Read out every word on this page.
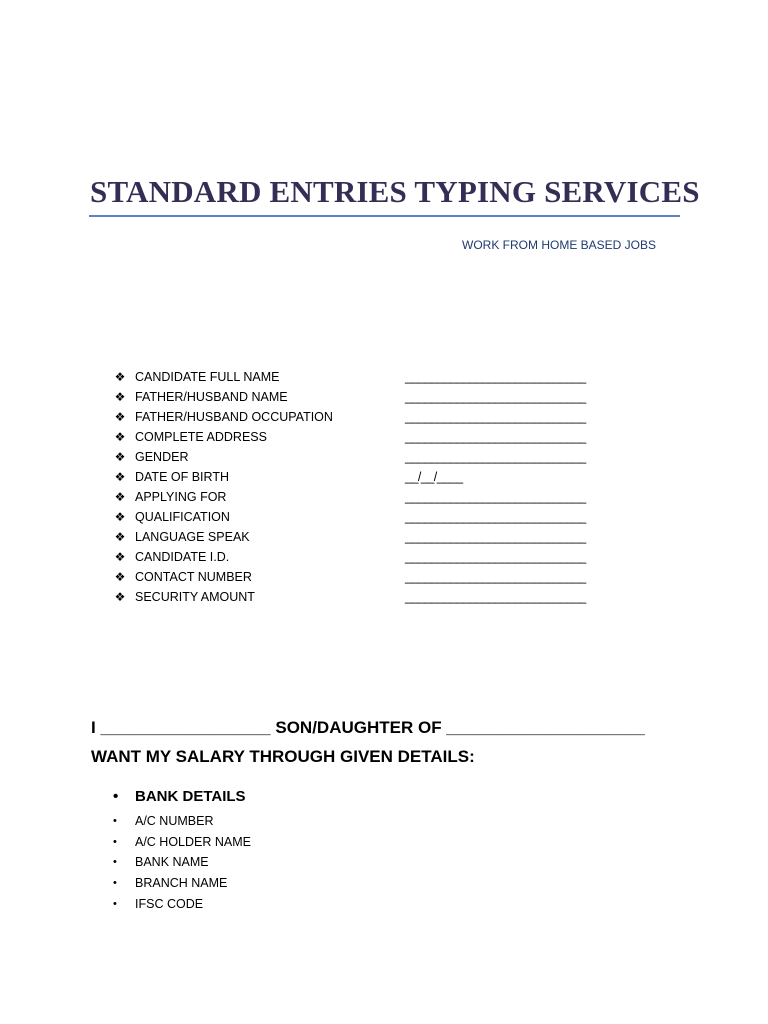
STANDARD ENTRIES TYPING SERVICES
WORK FROM HOME BASED JOBS
❖ CANDIDATE FULL NAME	____________________________
❖ FATHER/HUSBAND NAME	____________________________
❖ FATHER/HUSBAND OCCUPATION	____________________________
❖ COMPLETE ADDRESS	____________________________
❖ GENDER	____________________________
❖ DATE OF BIRTH	__/__/____
❖ APPLYING FOR	____________________________
❖ QUALIFICATION	____________________________
❖ LANGUAGE SPEAK	____________________________
❖ CANDIDATE I.D.	____________________________
❖ CONTACT NUMBER	____________________________
❖ SECURITY AMOUNT	____________________________
I __________________ SON/DAUGHTER OF _____________________
WANT MY SALARY THROUGH GIVEN DETAILS:
• BANK DETAILS
• A/C NUMBER
• A/C HOLDER NAME
• BANK NAME
• BRANCH NAME
• IFSC CODE
